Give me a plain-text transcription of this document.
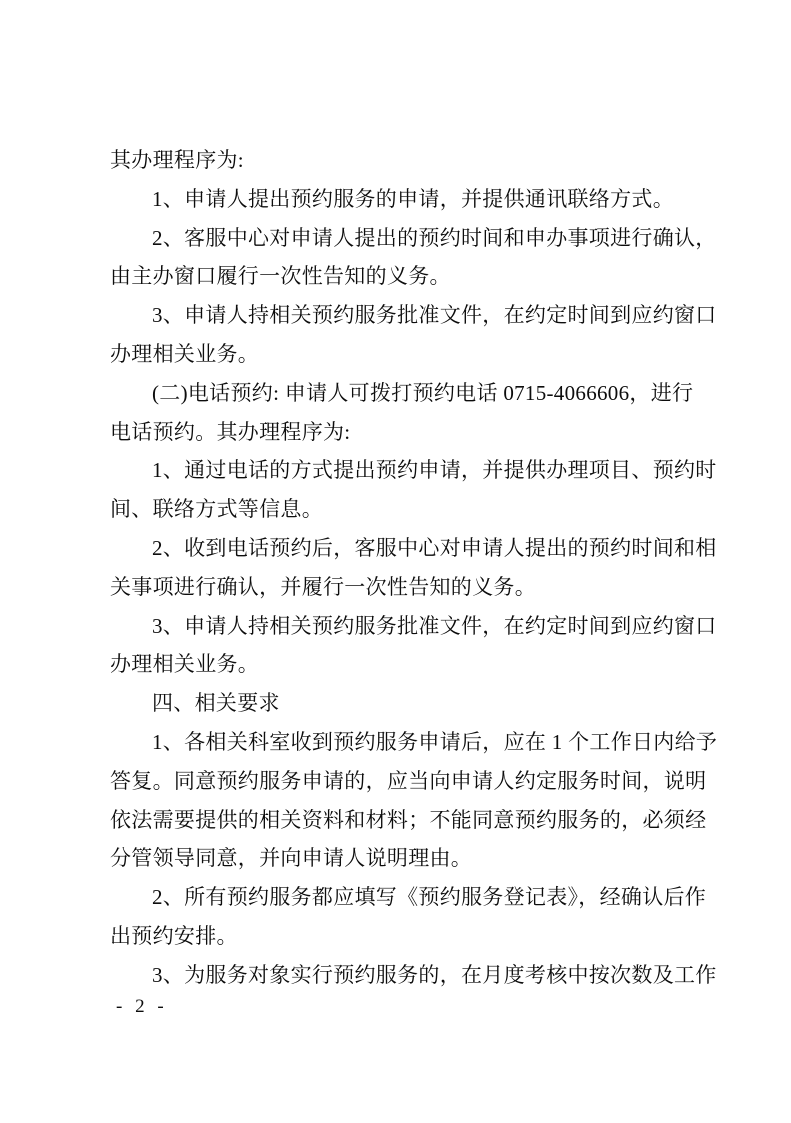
其办理程序为:
1、申请人提出预约服务的申请，并提供通讯联络方式。
2、客服中心对申请人提出的预约时间和申办事项进行确认，
由主办窗口履行一次性告知的义务。
3、申请人持相关预约服务批准文件，在约定时间到应约窗口
办理相关业务。
(二)电话预约: 申请人可拨打预约电话 0715-4066606，进行
电话预约。其办理程序为:
1、通过电话的方式提出预约申请，并提供办理项目、预约时
间、联络方式等信息。
2、收到电话预约后，客服中心对申请人提出的预约时间和相
关事项进行确认，并履行一次性告知的义务。
3、申请人持相关预约服务批准文件，在约定时间到应约窗口
办理相关业务。
四、相关要求
1、各相关科室收到预约服务申请后，应在 1 个工作日内给予
答复。同意预约服务申请的，应当向申请人约定服务时间，说明
依法需要提供的相关资料和材料；不能同意预约服务的，必须经
分管领导同意，并向申请人说明理由。
2、所有预约服务都应填写《预约服务登记表》，经确认后作
出预约安排。
3、为服务对象实行预约服务的，在月度考核中按次数及工作
- 2 -
